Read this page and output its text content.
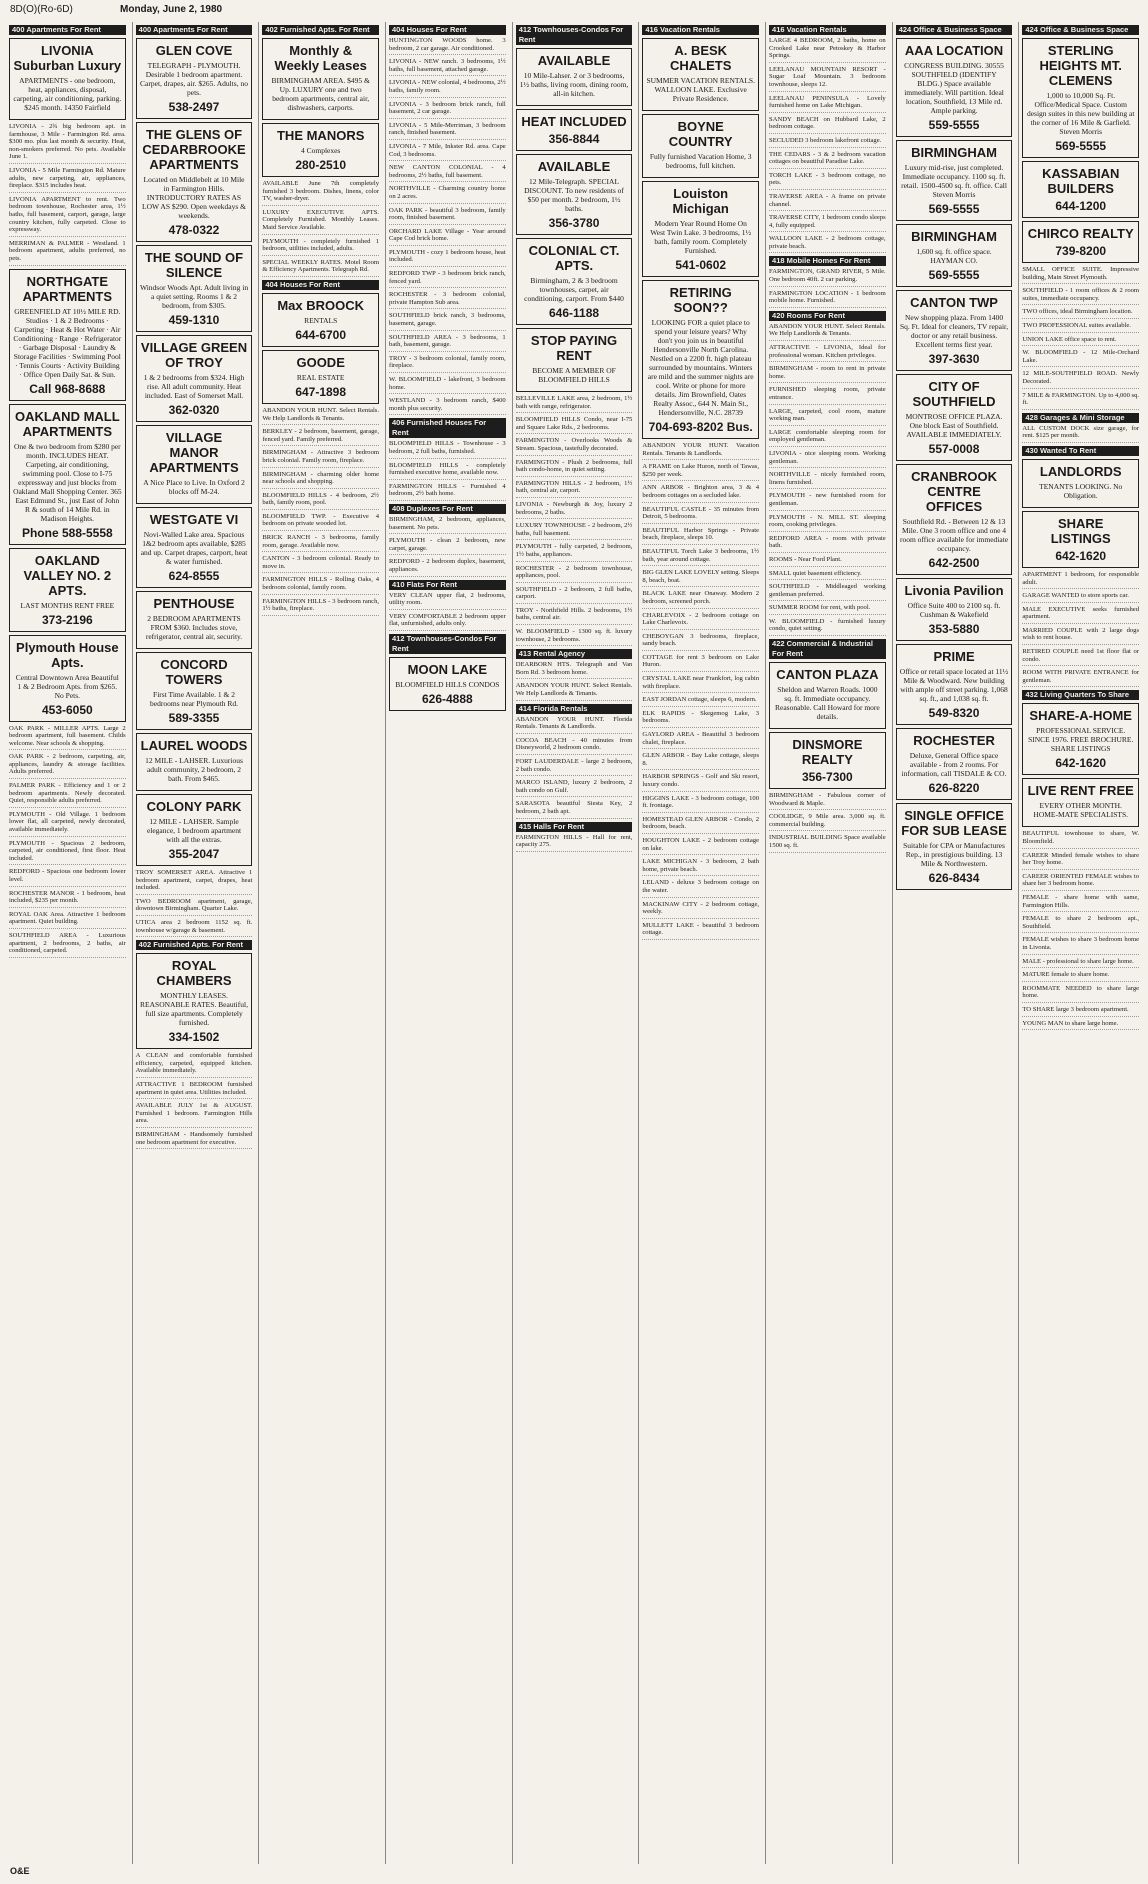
8D(O)(Ro-6D)	Monday, June 2, 1980
400 Apartments For Rent
LIVONIA Suburban Luxury
APARTMENTS - one bedroom, heat, appliances, disposal, carpeting, air conditioning, parking. $245 month. 14350 Fairfield
LIVONIA - 2¾ big bedroom apt. in farmhouse, 3 Mile - Farmington Rd. area. $300 mo. plus last month & security. Heat, non-smokers preferred. No pets. Available June 1.
LIVONIA - 5 Mile Farmington Rd. Mature adults, new carpeting, air, appliances, fireplace. $315 includes heat.
LIVONIA APARTMENT to rent. Two bedroom townhouse, Rochester area, 1½ baths, full basement, carport, garage, large country kitchen, fully carpeted. Close to expressway.
MERRIMAN & PALMER - Westland. 1 bedroom apartment, adults preferred, no pets.
NORTHGATE APARTMENTS
GREENFIELD AT 10½ MILE RD. Studios · 1 & 2 Bedrooms · Carpeting · Heat & Hot Water · Air Conditioning · Range · Refrigerator · Garbage Disposal · Laundry & Storage Facilities · Swimming Pool · Tennis Courts · Activity Building · Office Open Daily Sat. & Sun.
Call 968-8688
OAKLAND MALL APARTMENTS
One & two bedroom from $280 per month. INCLUDES HEAT. Carpeting, air conditioning, swimming pool. Close to I-75 expressway and just blocks from Oakland Mall Shopping Center. 365 East Edmund St., just East of John R & south of 14 Mile Rd. in Madison Heights.
Phone 588-5558
OAKLAND VALLEY NO. 2 APTS.
LAST MONTHS RENT FREE
373-2196
Plymouth House Apts.
Central Downtown Area Beautiful 1 & 2 Bedroom Apts. from $265. No Pets.
453-6050
OAK PARK - MILLER APTS. Large 2 bedroom apartment, full basement. Childs welcome. Near schools & shopping.
OAK PARK - 2 bedroom, carpeting, air, appliances, laundry & storage facilities. Adults preferred.
PALMER PARK - Efficiency and 1 or 2 bedroom apartments. Newly decorated. Quiet, responsible adults preferred.
PLYMOUTH - Old Village. 1 bedroom lower flat, all carpeted, newly decorated, available immediately.
PLYMOUTH - Spacious 2 bedroom, carpeted, air conditioned, first floor. Heat included.
REDFORD - Spacious one bedroom lower level.
ROCHESTER MANOR - 1 bedroom, heat included, $235 per month.
ROYAL OAK Area. Attractive 1 bedroom apartment. Quiet building.
SOUTHFIELD AREA - Luxurious apartment, 2 bedrooms, 2 baths, air conditioned, carpeted.
400 Apartments For Rent
GLEN COVE
TELEGRAPH - PLYMOUTH. Desirable 1 bedroom apartment. Carpet, drapes, air. $265. Adults, no pets.
538-2497
THE GLENS OF CEDARBROOKE APARTMENTS
Located on Middlebelt at 10 Mile in Farmington Hills. INTRODUCTORY RATES AS LOW AS $290. Open weekdays & weekends.
478-0322
THE SOUND OF SILENCE
Windsor Woods Apt. Adult living in a quiet setting. Rooms 1 & 2 bedroom, from $305.
459-1310
VILLAGE GREEN OF TROY
1 & 2 bedrooms from $324. High rise. All adult community. Heat included. East of Somerset Mall.
362-0320
VILLAGE MANOR APARTMENTS
A Nice Place to Live. In Oxford 2 blocks off M-24.
WESTGATE VI
Novi-Walled Lake area. Spacious 1&2 bedroom apts available, $285 and up. Carpet drapes, carport, heat & water furnished.
624-8555
PENTHOUSE
2 BEDROOM APARTMENTS FROM $360. Includes stove, refrigerator, central air, security.
CONCORD TOWERS
First Time Available. 1 & 2 bedrooms near Plymouth Rd.
589-3355
LAUREL WOODS
12 MILE - LAHSER. Luxurious adult community, 2 bedroom, 2 bath. From $465.
COLONY PARK
12 MILE - LAHSER. Sample elegance, 1 bedroom apartment with all the extras.
355-2047
TROY SOMERSET AREA. Attractive 1 bedroom apartment, carpet, drapes, heat included.
TWO BEDROOM apartment, garage, downtown Birmingham. Quarter Lake.
UTICA area 2 bedroom 1152 sq. ft. townhouse w/garage & basement.
402 Furnished Apts. For Rent
ROYAL CHAMBERS
MONTHLY LEASES. REASONABLE RATES. Beautiful, full size apartments. Completely furnished.
334-1502
A CLEAN and comfortable furnished efficiency, carpeted, equipped kitchen. Available immediately.
ATTRACTIVE 1 BEDROOM furnished apartment in quiet area. Utilities included.
AVAILABLE JULY 1st & AUGUST. Furnished 1 bedroom. Farmington Hills area.
BIRMINGHAM - Handsomely furnished one bedroom apartment for executive.
402 Furnished Apts. For Rent
Monthly & Weekly Leases
BIRMINGHAM AREA. $495 & Up. LUXURY one and two bedroom apartments, central air, dishwashers, carports.
THE MANORS
4 Complexes
280-2510
AVAILABLE June 7th completely furnished 3 bedroom. Dishes, linens, color TV, washer-dryer.
LUXURY EXECUTIVE APTS. Completely Furnished. Monthly Leases. Maid Service Available.
PLYMOUTH - completely furnished 1 bedroom, utilities included, adults.
SPECIAL WEEKLY RATES. Motel Room & Efficiency Apartments. Telegraph Rd.
404 Houses For Rent
Max BROOCK
RENTALS
644-6700
GOODE
REAL ESTATE
647-1898
ABANDON YOUR HUNT. Select Rentals. We Help Landlords & Tenants.
BERKLEY - 2 bedroom, basement, garage, fenced yard. Family preferred.
BIRMINGHAM - Attractive 3 bedroom brick colonial. Family room, fireplace.
BIRMINGHAM - charming older home near schools and shopping.
BLOOMFIELD HILLS - 4 bedroom, 2½ bath, family room, pool.
BLOOMFIELD TWP. - Executive 4 bedroom on private wooded lot.
BRICK RANCH - 3 bedrooms, family room, garage. Available now.
CANTON - 3 bedroom colonial. Ready to move in.
FARMINGTON HILLS - Rolling Oaks, 4 bedroom colonial, family room.
FARMINGTON HILLS - 3 bedroom ranch, 1½ baths, fireplace.
404 Houses For Rent
HUNTINGTON WOODS home. 3 bedroom, 2 car garage. Air conditioned.
LIVONIA - NEW ranch. 3 bedrooms, 1½ baths, full basement, attached garage.
LIVONIA - NEW colonial, 4 bedrooms, 2½ baths, family room.
LIVONIA - 3 bedroom brick ranch, full basement, 2 car garage.
LIVONIA - 5 Mile-Merriman, 3 bedroom ranch, finished basement.
LIVONIA - 7 Mile, Inkster Rd. area. Cape Cod, 3 bedrooms.
NEW CANTON COLONIAL - 4 bedrooms, 2½ baths, full basement.
NORTHVILLE - Charming country home on 2 acres.
OAK PARK - beautiful 3 bedroom, family room, finished basement.
ORCHARD LAKE Village - Year around Cape Cod brick home.
PLYMOUTH - cozy 1 bedroom house, heat included.
REDFORD TWP - 3 bedroom brick ranch, fenced yard.
ROCHESTER - 3 bedroom colonial, private Hampton Sub area.
SOUTHFIELD brick ranch, 3 bedrooms, basement, garage.
SOUTHFIELD AREA - 3 bedrooms, 1 bath, basement, garage.
TROY - 3 bedroom colonial, family room, fireplace.
W. BLOOMFIELD - lakefront, 3 bedroom home.
WESTLAND - 3 bedroom ranch, $400 month plus security.
406 Furnished Houses For Rent
BLOOMFIELD HILLS - Townhouse - 3 bedroom, 2 full baths, furnished.
BLOOMFIELD HILLS - completely furnished executive home, available now.
FARMINGTON HILLS - Furnished 4 bedroom, 2½ bath home.
408 Duplexes For Rent
BIRMINGHAM, 2 bedroom, appliances, basement. No pets.
PLYMOUTH - clean 2 bedroom, new carpet, garage.
REDFORD - 2 bedroom duplex, basement, appliances.
410 Flats For Rent
VERY CLEAN upper flat, 2 bedrooms, utility room.
VERY COMFORTABLE 2 bedroom upper flat, unfurnished, adults only.
412 Townhouses-Condos For Rent
MOON LAKE
BLOOMFIELD HILLS CONDOS
626-4888
412 Townhouses-Condos For Rent
AVAILABLE
10 Mile-Lahser. 2 or 3 bedrooms, 1½ baths, living room, dining room, all-in kitchen.
HEAT INCLUDED
356-8844
AVAILABLE
12 Mile-Telegraph. SPECIAL DISCOUNT. To new residents of $50 per month. 2 bedroom, 1½ baths.
356-3780
COLONIAL CT. APTS.
Birmingham, 2 & 3 bedroom townhouses, carpet, air conditioning, carport. From $440
646-1188
STOP PAYING RENT
BECOME A MEMBER OF BLOOMFIELD HILLS
BELLEVILLE LAKE area, 2 bedroom, 1½ bath with range, refrigerator.
BLOOMFIELD HILLS Condo, near I-75 and Square Lake Rds., 2 bedrooms.
FARMINGTON - Overlooks Woods & Stream. Spacious, tastefully decorated.
FARMINGTON - Plush 2 bedrooms, full bath condo-home, in quiet setting.
FARMINGTON HILLS - 2 bedroom, 1½ bath, central air, carport.
LIVONIA - Newburgh & Joy, luxury 2 bedrooms, 2 baths.
LUXURY TOWNHOUSE - 2 bedroom, 2½ baths, full basement.
PLYMOUTH - fully carpeted, 2 bedroom, 1½ baths, appliances.
ROCHESTER - 2 bedroom townhouse, appliances, pool.
SOUTHFIELD - 2 bedroom, 2 full baths, carport.
TROY - Northfield Hills. 2 bedrooms, 1½ baths, central air.
W. BLOOMFIELD - 1300 sq. ft. luxury townhouse, 2 bedrooms.
413 Rental Agency
DEARBORN HTS. Telegraph and Van Born Rd. 3 bedroom home.
ABANDON YOUR HUNT. Select Rentals. We Help Landlords & Tenants.
414 Florida Rentals
ABANDON YOUR HUNT. Florida Rentals. Tenants & Landlords.
COCOA BEACH - 40 minutes from Disneyworld, 2 bedroom condo.
FORT LAUDERDALE - large 2 bedroom, 2 bath condo.
MARCO ISLAND, luxury 2 bedroom, 2 bath condo on Gulf.
SARASOTA beautiful Siesta Key, 2 bedroom, 2 bath apt.
415 Halls For Rent
FARMINGTON HILLS - Hall for rent, capacity 275.
416 Vacation Rentals
A. BESK CHALETS
SUMMER VACATION RENTALS. WALLOON LAKE. Exclusive Private Residence.
BOYNE COUNTRY
Fully furnished Vacation Home, 3 bedrooms, full kitchen.
Louiston Michigan
Modern Year Round Home On West Twin Lake. 3 bedrooms, 1½ bath, family room. Completely Furnished.
541-0602
RETIRING SOON??
LOOKING FOR a quiet place to spend your leisure years? Why don't you join us in beautiful Hendersonville North Carolina. Nestled on a 2200 ft. high plateau surrounded by mountains. Winters are mild and the summer nights are cool. Write or phone for more details. Jim Brownfield, Oates Realty Assoc., 644 N. Main St., Hendersonville, N.C. 28739
704-693-8202 Bus.
ABANDON YOUR HUNT. Vacation Rentals. Tenants & Landlords.
A FRAME on Lake Huron, north of Tawas, $250 per week.
ANN ARBOR - Brighton area, 3 & 4 bedroom cottages on a secluded lake.
BEAUTIFUL CASTLE - 35 minutes from Detroit, 5 bedrooms.
BEAUTIFUL Harbor Springs - Private beach, fireplace, sleeps 10.
BEAUTIFUL Torch Lake 3 bedrooms, 1½ bath, year around cottage.
BIG GLEN LAKE LOVELY setting. Sleeps 8, beach, boat.
BLACK LAKE near Onaway. Modern 2 bedroom, screened porch.
CHARLEVOIX - 2 bedroom cottage on Lake Charlevoix.
CHEBOYGAN 3 bedrooms, fireplace, sandy beach.
COTTAGE for rent 3 bedroom on Lake Huron.
CRYSTAL LAKE near Frankfort, log cabin with fireplace.
EAST JORDAN cottage, sleeps 6, modern.
ELK RAPIDS - Skegemog Lake, 3 bedrooms.
GAYLORD AREA - Beautiful 3 bedroom chalet, fireplace.
GLEN ARBOR - Bay Lake cottage, sleeps 8.
HARBOR SPRINGS - Golf and Ski resort, luxury condo.
HIGGINS LAKE - 3 bedroom cottage, 100 ft. frontage.
HOMESTEAD GLEN ARBOR - Condo, 2 bedroom, beach.
HOUGHTON LAKE - 2 bedroom cottage on lake.
LAKE MICHIGAN - 3 bedroom, 2 bath home, private beach.
LELAND - deluxe 3 bedroom cottage on the water.
MACKINAW CITY - 2 bedroom cottage, weekly.
MULLETT LAKE - beautiful 3 bedroom cottage.
416 Vacation Rentals
LARGE 4 BEDROOM, 2 baths, home on Crooked Lake near Petoskey & Harbor Springs.
LEELANAU MOUNTAIN RESORT - Sugar Loaf Mountain. 3 bedroom townhouse, sleeps 12.
LEELANAU PENINSULA - Lovely furnished home on Lake Michigan.
SANDY BEACH on Hubbard Lake, 2 bedroom cottage.
SECLUDED 3 bedroom lakefront cottage.
THE CEDARS - 3 & 2 bedroom vacation cottages on beautiful Paradise Lake.
TORCH LAKE - 3 bedroom cottage, no pets.
TRAVERSE AREA - A frame on private channel.
TRAVERSE CITY, 1 bedroom condo sleeps 4, fully equipped.
WALLOON LAKE - 2 bedroom cottage, private beach.
418 Mobile Homes For Rent
FARMINGTON, GRAND RIVER, 5 Mile. One bedroom 40ft. 2 car parking.
FARMINGTON LOCATION - 1 bedroom mobile home. Furnished.
420 Rooms For Rent
ABANDON YOUR HUNT. Select Rentals. We Help Landlords & Tenants.
ATTRACTIVE - LIVONIA, Ideal for professional woman. Kitchen privileges.
BIRMINGHAM - room to rent in private home.
FURNISHED sleeping room, private entrance.
LARGE, carpeted, cool room, mature working man.
LARGE comfortable sleeping room for employed gentleman.
LIVONIA - nice sleeping room. Working gentleman.
NORTHVILLE - nicely furnished room, linens furnished.
PLYMOUTH - new furnished room for gentleman.
PLYMOUTH - N. MILL ST. sleeping room, cooking privileges.
REDFORD AREA - room with private bath.
ROOMS - Near Ford Plant.
SMALL quiet basement efficiency.
SOUTHFIELD - Middleaged working gentleman preferred.
SUMMER ROOM for rent, with pool.
W. BLOOMFIELD - furnished luxury condo, quiet setting.
422 Commercial & Industrial For Rent
CANTON PLAZA
Sheldon and Warren Roads. 1000 sq. ft. Immediate occupancy. Reasonable. Call Howard for more details.
DINSMORE REALTY
356-7300
BIRMINGHAM - Fabulous corner of Woodward & Maple.
COOLIDGE, 9 Mile area. 3,000 sq. ft. commercial building.
INDUSTRIAL BUILDING Space available 1500 sq. ft.
424 Office & Business Space
AAA LOCATION
CONGRESS BUILDING. 30555 SOUTHFIELD (IDENTIFY BLDG.) Space available immediately. Will partition. Ideal location, Southfield, 13 Mile rd. Ample parking.
559-5555
BIRMINGHAM
Luxury mid-rise, just completed. Immediate occupancy. 1100 sq. ft. retail. 1500-4500 sq. ft. office. Call Steven Morris
569-5555
BIRMINGHAM
1,600 sq. ft. office space. HAYMAN CO.
569-5555
CANTON TWP
New shopping plaza. From 1400 Sq. Ft. Ideal for cleaners, TV repair, doctor or any retail business. Excellent terms first year.
397-3630
CITY OF SOUTHFIELD
MONTROSE OFFICE PLAZA. One block East of Southfield. AVAILABLE IMMEDIATELY.
557-0008
CRANBROOK CENTRE OFFICES
Southfield Rd. - Between 12 & 13 Mile. One 3 room office and one 4 room office available for immediate occupancy.
642-2500
Livonia Pavilion
Office Suite 400 to 2100 sq. ft. Cushman & Wakefield
353-5880
PRIME
Office or retail space located at 11½ Mile & Woodward. New building with ample off street parking. 1,068 sq. ft., and 1,038 sq. ft.
549-8320
ROCHESTER
Deluxe, General Office space available - from 2 rooms. For information, call TISDALE & CO.
626-8220
SINGLE OFFICE FOR SUB LEASE
Suitable for CPA or Manufactures Rep., in prestigious building. 13 Mile & Northwestern.
626-8434
424 Office & Business Space
STERLING HEIGHTS MT. CLEMENS
1,000 to 10,000 Sq. Ft. Office/Medical Space. Custom design suites in this new building at the corner of 16 Mile & Garfield. Steven Morris
569-5555
KASSABIAN BUILDERS
644-1200
CHIRCO REALTY
739-8200
SMALL OFFICE SUITE. Impressive building, Main Street Plymouth.
SOUTHFIELD - 1 room offices & 2 room suites, immediate occupancy.
TWO offices, ideal Birmingham location.
TWO PROFESSIONAL suites available.
UNION LAKE office space to rent.
W. BLOOMFIELD - 12 Mile-Orchard Lake.
12 MILE-SOUTHFIELD ROAD. Newly Decorated.
7 MILE & FARMINGTON. Up to 4,000 sq. ft.
428 Garages & Mini Storage
ALL CUSTOM DOCK size garage, for rent. $125 per month.
430 Wanted To Rent
LANDLORDS
TENANTS LOOKING. No Obligation.
SHARE LISTINGS
642-1620
APARTMENT 1 bedroom, for responsible adult.
GARAGE WANTED to store sports car.
MALE EXECUTIVE seeks furnished apartment.
MARRIED COUPLE with 2 large dogs wish to rent house.
RETIRED COUPLE need 1st floor flat or condo.
ROOM WITH PRIVATE ENTRANCE for gentleman.
432 Living Quarters To Share
SHARE-A-HOME
PROFESSIONAL SERVICE. SINCE 1976. FREE BROCHURE. SHARE LISTINGS
642-1620
LIVE RENT FREE
EVERY OTHER MONTH. HOME-MATE SPECIALISTS.
BEAUTIFUL townhouse to share, W. Bloomfield.
CAREER Minded female wishes to share her Troy home.
CAREER ORIENTED FEMALE wishes to share her 3 bedroom home.
FEMALE - share home with same, Farmington Hills.
FEMALE to share 2 bedroom apt., Southfield.
FEMALE wishes to share 3 bedroom home in Livonia.
MALE - professional to share large home.
MATURE female to share home.
ROOMMATE NEEDED to share large home.
TO SHARE large 3 bedroom apartment.
YOUNG MAN to share large home.
O&E
